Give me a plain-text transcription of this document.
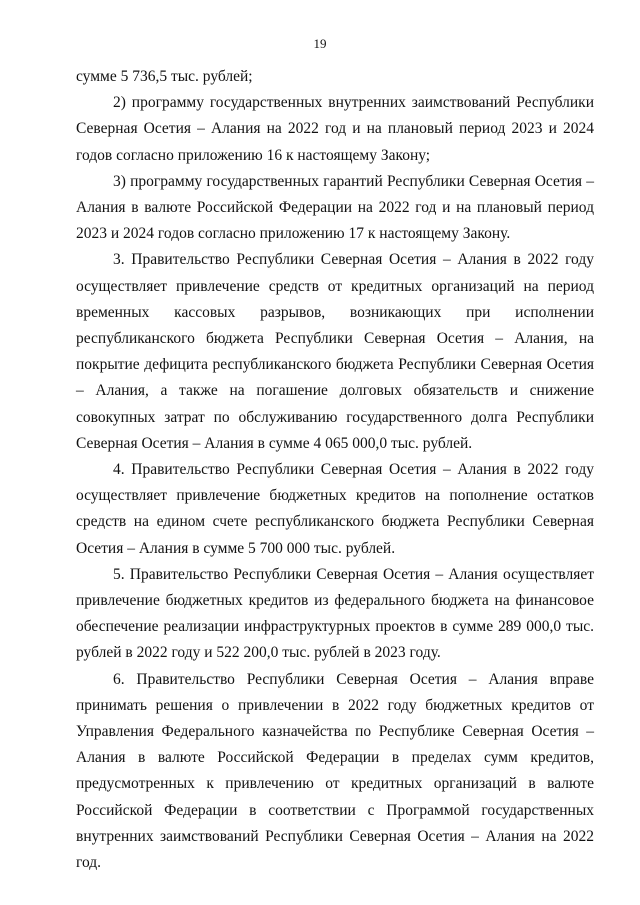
19

сумме 5 736,5 тыс. рублей;

2) программу государственных внутренних заимствований Республики Северная Осетия – Алания на 2022 год и на плановый период 2023 и 2024 годов согласно приложению 16 к настоящему Закону;

3) программу государственных гарантий Республики Северная Осетия – Алания в валюте Российской Федерации на 2022 год и на плановый период 2023 и 2024 годов согласно приложению 17 к настоящему Закону.

3. Правительство Республики Северная Осетия – Алания в 2022 году осуществляет привлечение средств от кредитных организаций на период временных кассовых разрывов, возникающих при исполнении республиканского бюджета Республики Северная Осетия – Алания, на покрытие дефицита республиканского бюджета Республики Северная Осетия – Алания, а также на погашение долговых обязательств и снижение совокупных затрат по обслуживанию государственного долга Республики Северная Осетия – Алания в сумме 4 065 000,0 тыс. рублей.

4. Правительство Республики Северная Осетия – Алания в 2022 году осуществляет привлечение бюджетных кредитов на пополнение остатков средств на едином счете республиканского бюджета Республики Северная Осетия – Алания в сумме 5 700 000 тыс. рублей.

5. Правительство Республики Северная Осетия – Алания осуществляет привлечение бюджетных кредитов из федерального бюджета на финансовое обеспечение реализации инфраструктурных проектов в сумме 289 000,0 тыс. рублей в 2022 году и 522 200,0 тыс. рублей в 2023 году.

6. Правительство Республики Северная Осетия – Алания вправе принимать решения о привлечении в 2022 году бюджетных кредитов от Управления Федерального казначейства по Республике Северная Осетия – Алания в валюте Российской Федерации в пределах сумм кредитов, предусмотренных к привлечению от кредитных организаций в валюте Российской Федерации в соответствии с Программой государственных внутренних заимствований Республики Северная Осетия – Алания на 2022 год.
